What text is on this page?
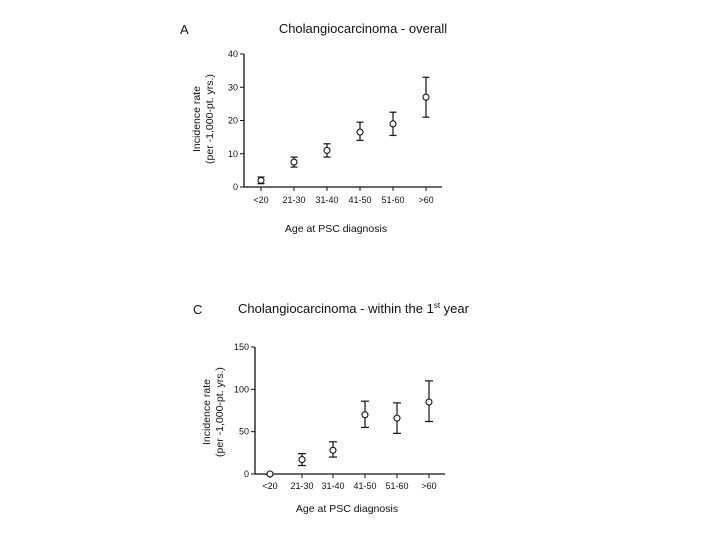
A	Cholangiocarcinoma - overall
Incidence rate (per -1,000-pt. yrs.)
Age at PSC diagnosis
0
10
20
30
40
<20 21-30 31-40 41-50 51-60 >60
C	Cholangiocarcinoma - within the 1st year
Incidence rate (per -1,000-pt. yrs.)
Age at PSC diagnosis
0
50
100
150
<20 21-30 31-40 41-50 51-60 >60
